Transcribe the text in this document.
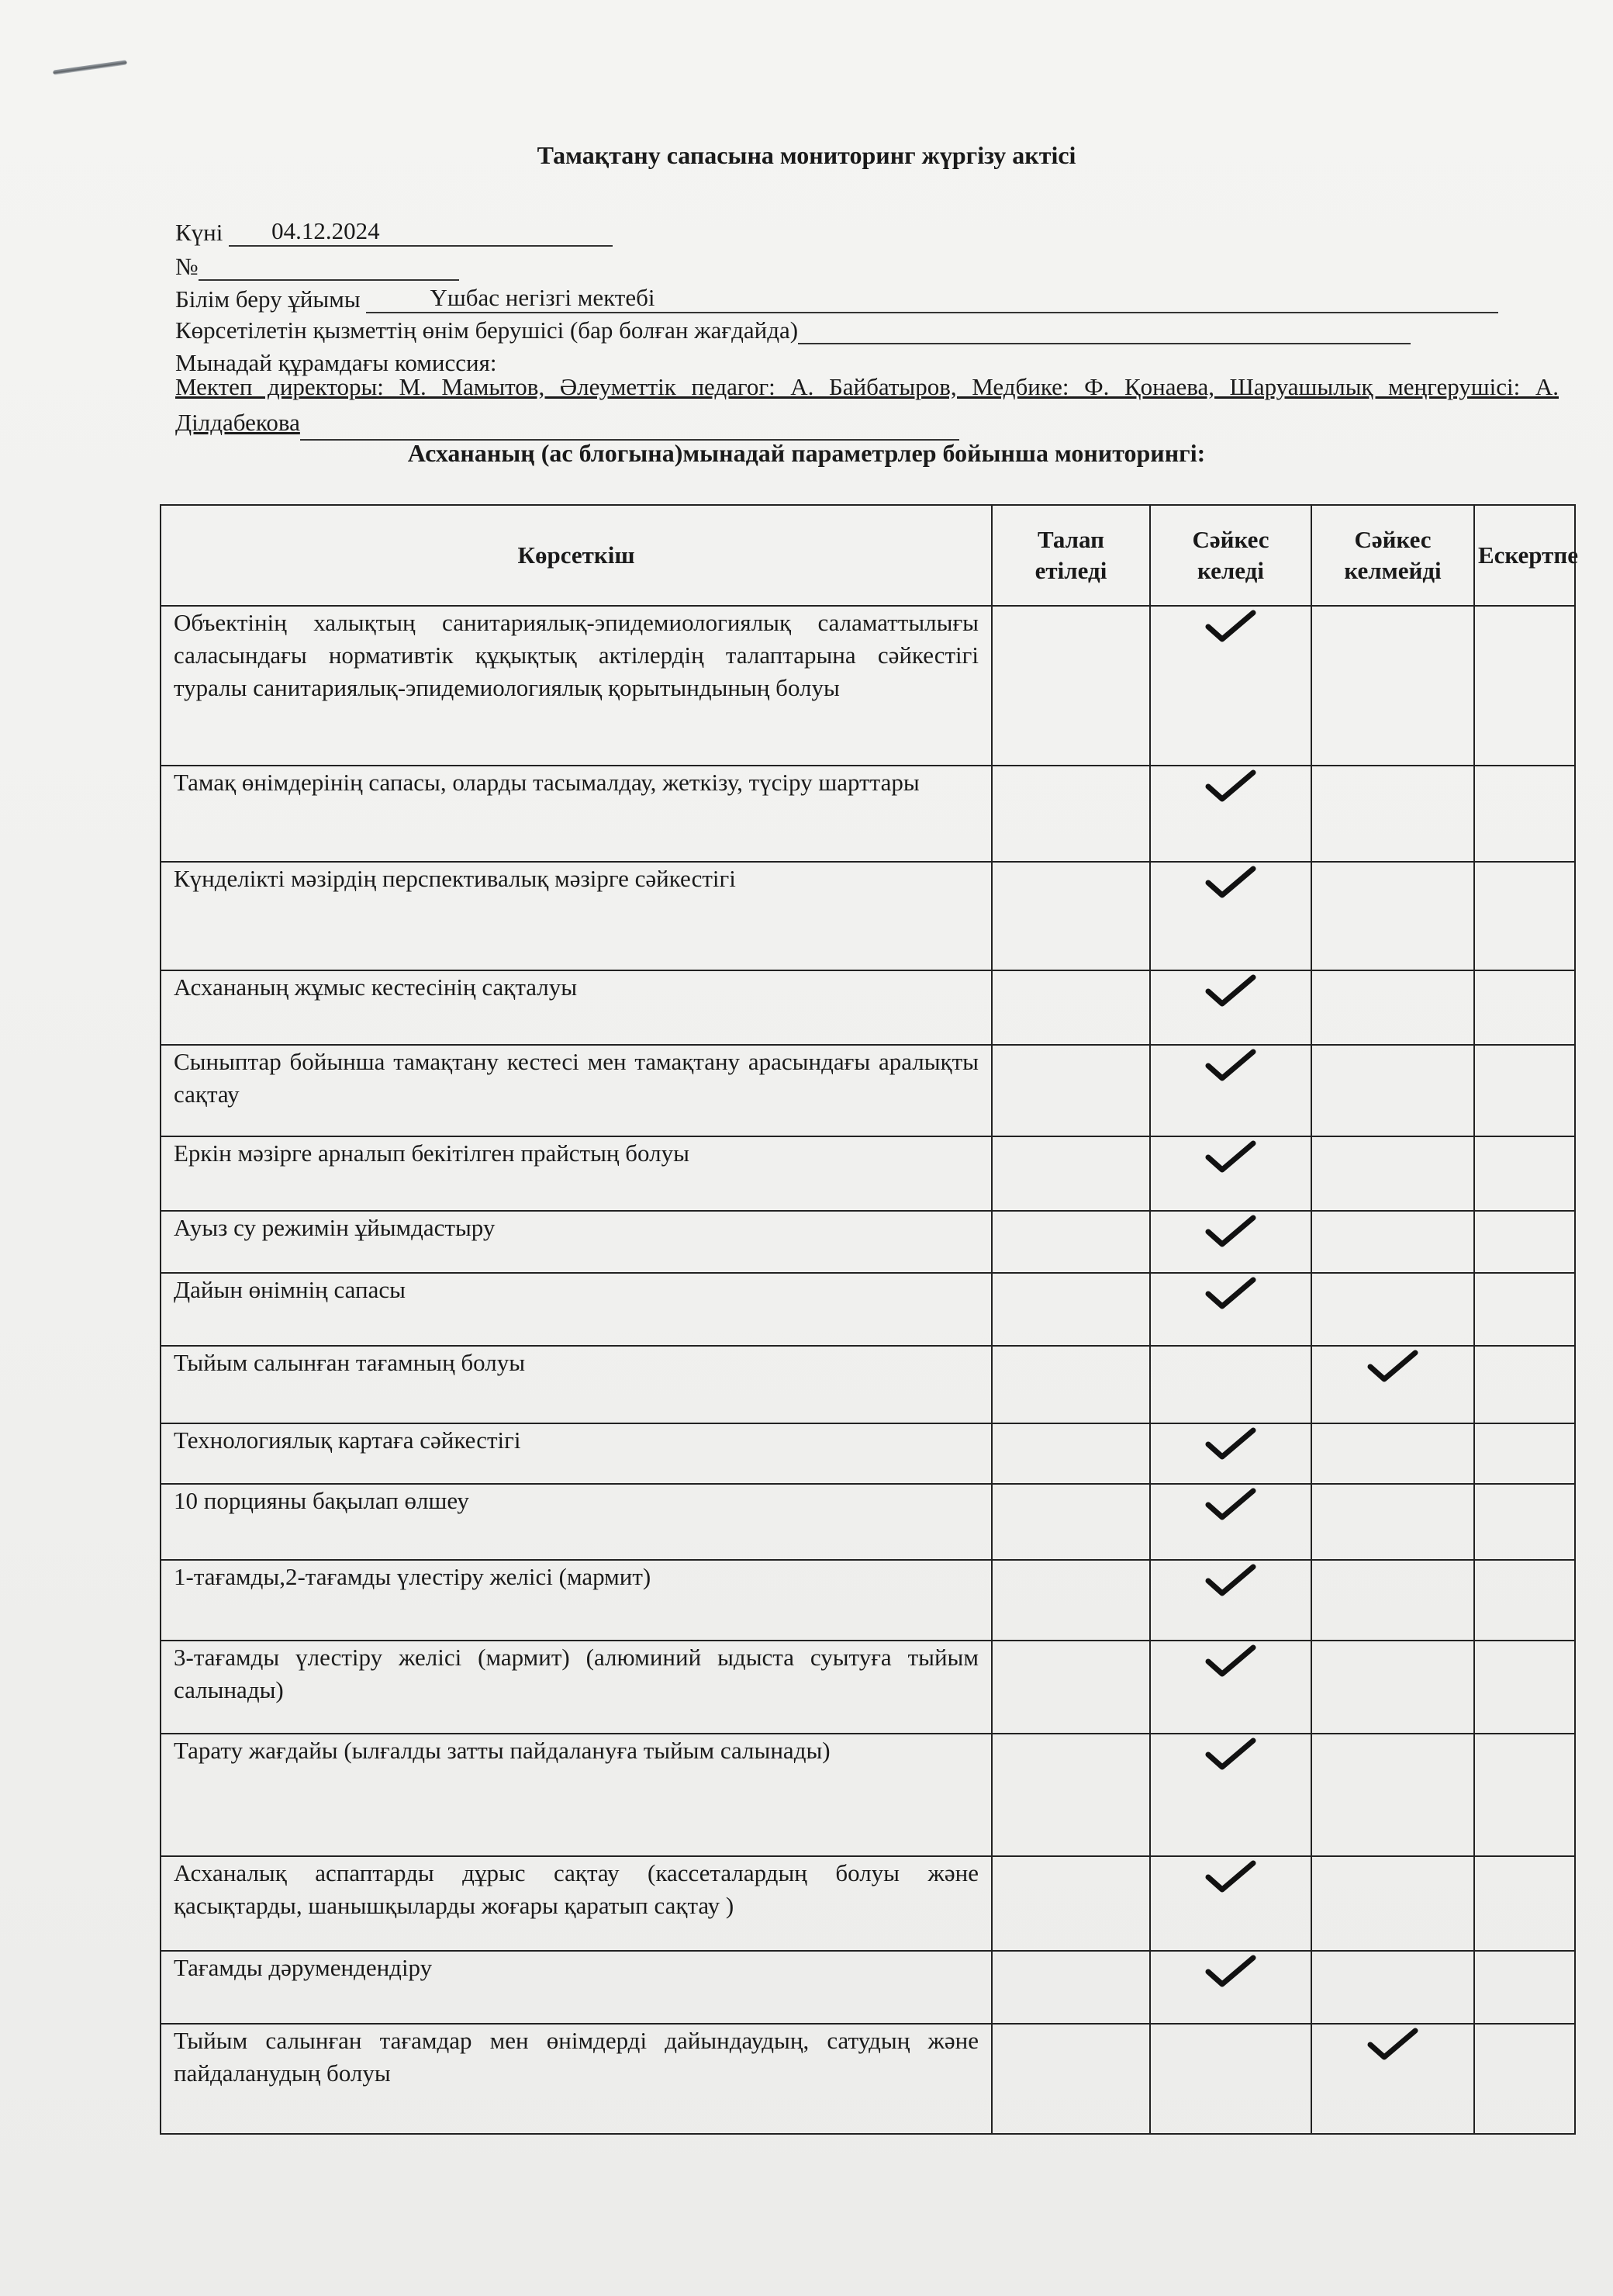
Тамақтану сапасына мониторинг жүргізу актісі
Күні 04.12.2024
№
Білім беру ұйымы	Үшбас негізгі мектебі
Көрсетілетін қызметтің өнім берушісі (бар болған жағдайда)
Мынадай құрамдағы комиссия:
Мектеп директоры: М. Мамытов, Әлеуметтік педагог: А. Байбатыров, Медбике: Ф. Қонаева, Шаруашылық меңгерушісі: А. Ділдабекова
Асхананың (ас блогына)мынадай параметрлер бойынша мониторингі:
Көрсеткіш	Талап етіледі	Сәйкес келеді	Сәйкес келмейді	Ескертпе
Объектінің халықтың санитариялық-эпидемиологиялық саламаттылығы саласындағы нормативтік құқықтық актілердің талаптарына сәйкестігі туралы санитариялық-эпидемиологиялық қорытындының болуы				
Тамақ өнімдерінің сапасы, оларды тасымалдау, жеткізу, түсіру шарттары				
Күнделікті мәзірдің перспективалық мәзірге сәйкестігі				
Асхананың жұмыс кестесінің сақталуы				
Сыныптар бойынша тамақтану кестесі мен тамақтану арасындағы аралықты сақтау				
Еркін мәзірге арналып бекітілген прайстың болуы				
Ауыз су режимін ұйымдастыру				
Дайын өнімнің сапасы				
Тыйым салынған тағамның болуы				
Технологиялық картаға сәйкестігі				
10 порцияны бақылап өлшеу				
1-тағамды,2-тағамды үлестіру желісі (мармит)				
3-тағамды үлестіру желісі (мармит) (алюминий ыдыста суытуға тыйым салынады)				
Тарату жағдайы (ылғалды затты пайдалануға тыйым салынады)				
Асханалық аспаптарды дұрыс сақтау (кассеталардың болуы және қасықтарды, шанышқыларды жоғары қаратып сақтау )				
Тағамды дәрумендендіру				
Тыйым салынған тағамдар мен өнімдерді дайындаудың, сатудың және пайдаланудың болуы				
